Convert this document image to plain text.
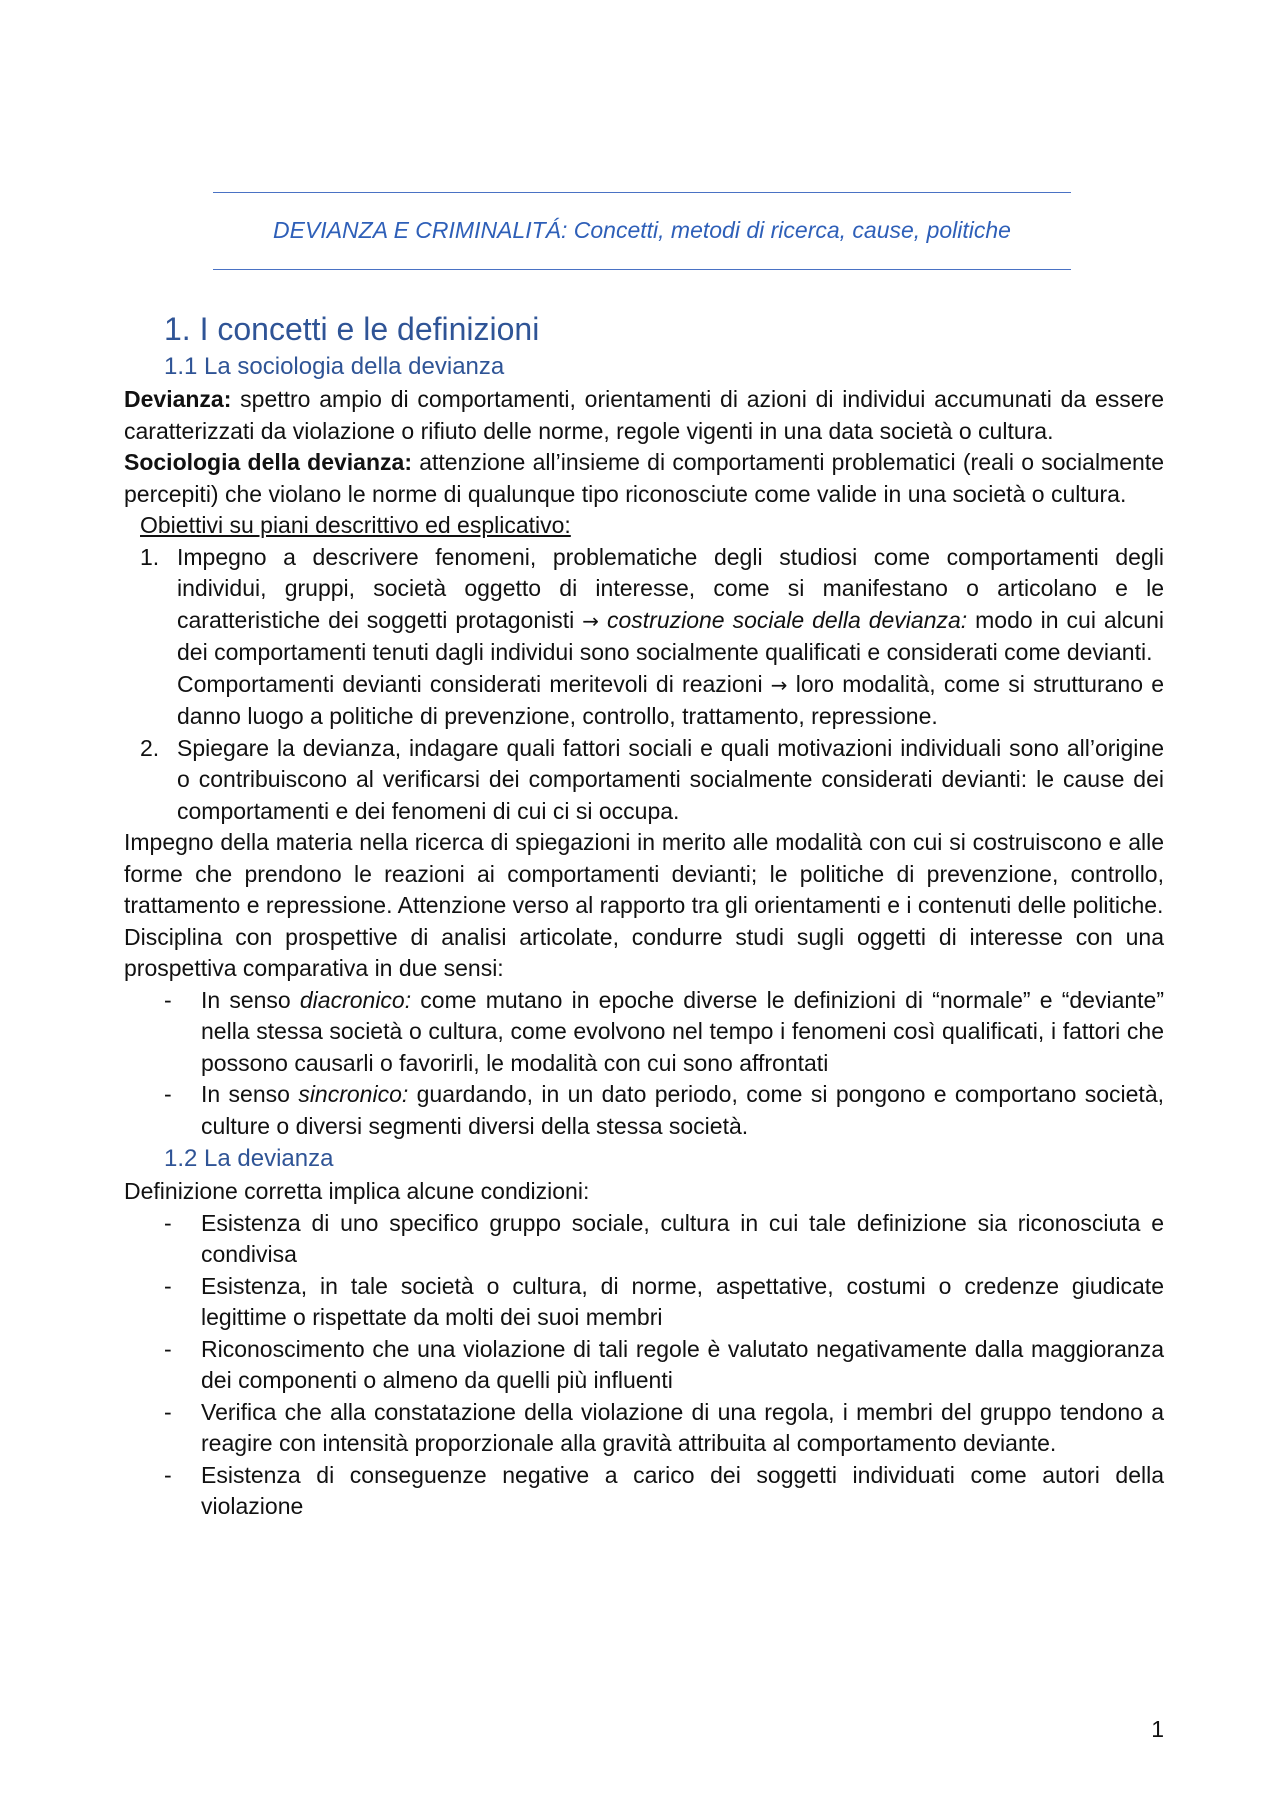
DEVIANZA E CRIMINALITÁ: Concetti, metodi di ricerca, cause, politiche
1. I concetti e le definizioni
1.1 La sociologia della devianza

Devianza: spettro ampio di comportamenti, orientamenti di azioni di individui accumunati da essere caratterizzati da violazione o rifiuto delle norme, regole vigenti in una data società o cultura.

Sociologia della devianza: attenzione all’insieme di comportamenti problematici (reali o socialmente percepiti) che violano le norme di qualunque tipo riconosciute come valide in una società o cultura.

Obiettivi su piani descrittivo ed esplicativo:
1. Impegno a descrivere fenomeni, problematiche degli studiosi come comportamenti degli individui, gruppi, società oggetto di interesse, come si manifestano o articolano e le caratteristiche dei soggetti protagonisti → costruzione sociale della devianza: modo in cui alcuni dei comportamenti tenuti dagli individui sono socialmente qualificati e considerati come devianti.
Comportamenti devianti considerati meritevoli di reazioni → loro modalità, come si strutturano e danno luogo a politiche di prevenzione, controllo, trattamento, repressione.
2. Spiegare la devianza, indagare quali fattori sociali e quali motivazioni individuali sono all’origine o contribuiscono al verificarsi dei comportamenti socialmente considerati devianti: le cause dei comportamenti e dei fenomeni di cui ci si occupa.

Impegno della materia nella ricerca di spiegazioni in merito alle modalità con cui si costruiscono e alle forme che prendono le reazioni ai comportamenti devianti; le politiche di prevenzione, controllo, trattamento e repressione. Attenzione verso al rapporto tra gli orientamenti e i contenuti delle politiche.

Disciplina con prospettive di analisi articolate, condurre studi sugli oggetti di interesse con una prospettiva comparativa in due sensi:

- In senso diacronico: come mutano in epoche diverse le definizioni di “normale” e “deviante” nella stessa società o cultura, come evolvono nel tempo i fenomeni così qualificati, i fattori che possono causarli o favorirli, le modalità con cui sono affrontati
- In senso sincronico: guardando, in un dato periodo, come si pongono e comportano società, culture o diversi segmenti diversi della stessa società.
1.2 La devianza

Definizione corretta implica alcune condizioni:

- Esistenza di uno specifico gruppo sociale, cultura in cui tale definizione sia riconosciuta e condivisa
- Esistenza, in tale società o cultura, di norme, aspettative, costumi o credenze giudicate legittime o rispettate da molti dei suoi membri
- Riconoscimento che una violazione di tali regole è valutato negativamente dalla maggioranza dei componenti o almeno da quelli più influenti
- Verifica che alla constatazione della violazione di una regola, i membri del gruppo tendono a reagire con intensità proporzionale alla gravità attribuita al comportamento deviante.
- Esistenza di conseguenze negative a carico dei soggetti individuati come autori della violazione
1
